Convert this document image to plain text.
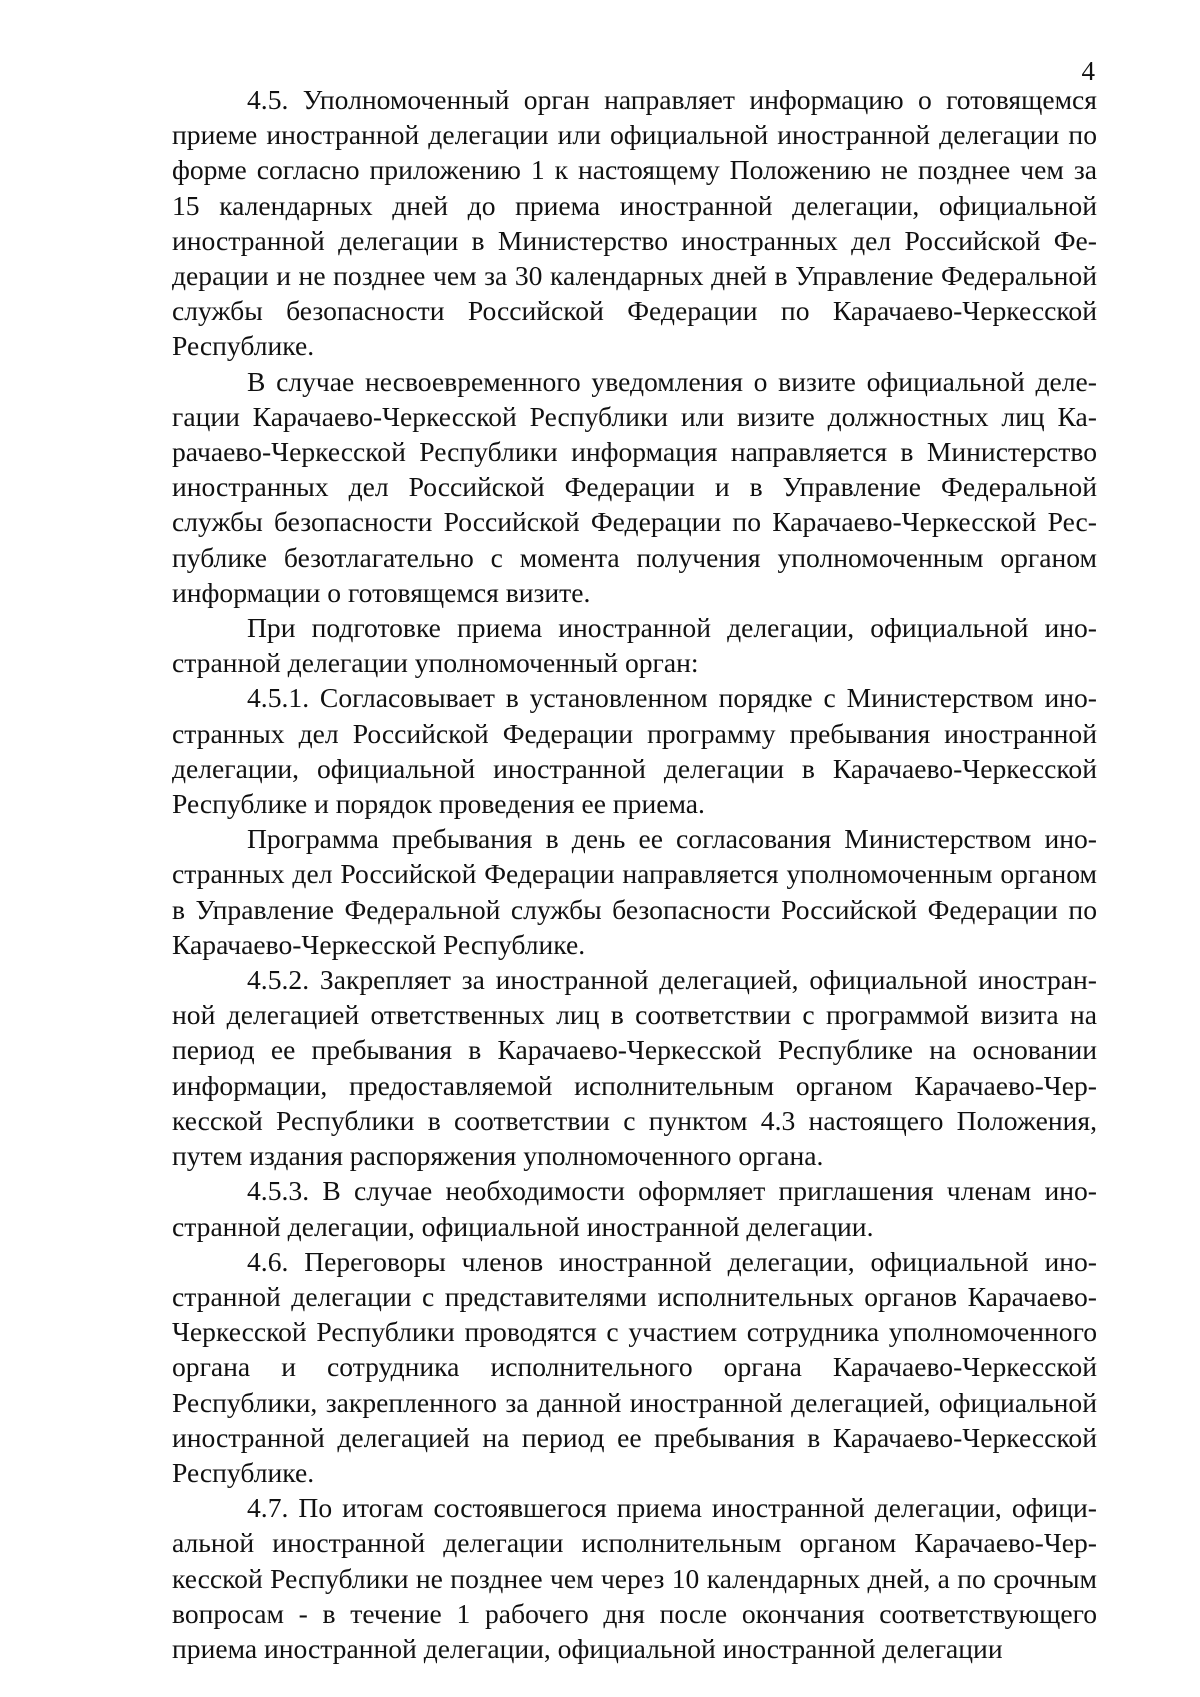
4

4.5. Уполномоченный орган направляет информацию о готовящемся приеме иностранной делегации или официальной иностранной делегации по форме согласно приложению 1 к настоящему Положению не позднее чем за 15 календарных дней до приема иностранной делегации, официальной иностранной делегации в Министерство иностранных дел Российской Федерации и не позднее чем за 30 календарных дней в Управление Федеральной службы безопасности Российской Федерации по Карачаево-Черкесской Республике.

В случае несвоевременного уведомления о визите официальной делегации Карачаево-Черкесской Республики или визите должностных лиц Карачаево-Черкесской Республики информация направляется в Министерство иностранных дел Российской Федерации и в Управление Федеральной службы безопасности Российской Федерации по Карачаево-Черкесской Республике безотлагательно с момента получения уполномоченным органом информации о готовящемся визите.

При подготовке приема иностранной делегации, официальной иностранной делегации уполномоченный орган:

4.5.1. Согласовывает в установленном порядке с Министерством иностранных дел Российской Федерации программу пребывания иностранной делегации, официальной иностранной делегации в Карачаево-Черкесской Республике и порядок проведения ее приема.

Программа пребывания в день ее согласования Министерством иностранных дел Российской Федерации направляется уполномоченным органом в Управление Федеральной службы безопасности Российской Федерации по Карачаево-Черкесской Республике.

4.5.2. Закрепляет за иностранной делегацией, официальной иностранной делегацией ответственных лиц в соответствии с программой визита на период ее пребывания в Карачаево-Черкесской Республике на основании информации, предоставляемой исполнительным органом Карачаево-Черкесской Республики в соответствии с пунктом 4.3 настоящего Положения, путем издания распоряжения уполномоченного органа.

4.5.3. В случае необходимости оформляет приглашения членам иностранной делегации, официальной иностранной делегации.

4.6. Переговоры членов иностранной делегации, официальной иностранной делегации с представителями исполнительных органов Карачаево-Черкесской Республики проводятся с участием сотрудника уполномоченного органа и сотрудника исполнительного органа Карачаево-Черкесской Республики, закрепленного за данной иностранной делегацией, официальной иностранной делегацией на период ее пребывания в Карачаево-Черкесской Республике.

4.7. По итогам состоявшегося приема иностранной делегации, официальной иностранной делегации исполнительным органом Карачаево-Черкесской Республики не позднее чем через 10 календарных дней, а по срочным вопросам - в течение 1 рабочего дня после окончания соответствующего приема иностранной делегации, официальной иностранной делегации
